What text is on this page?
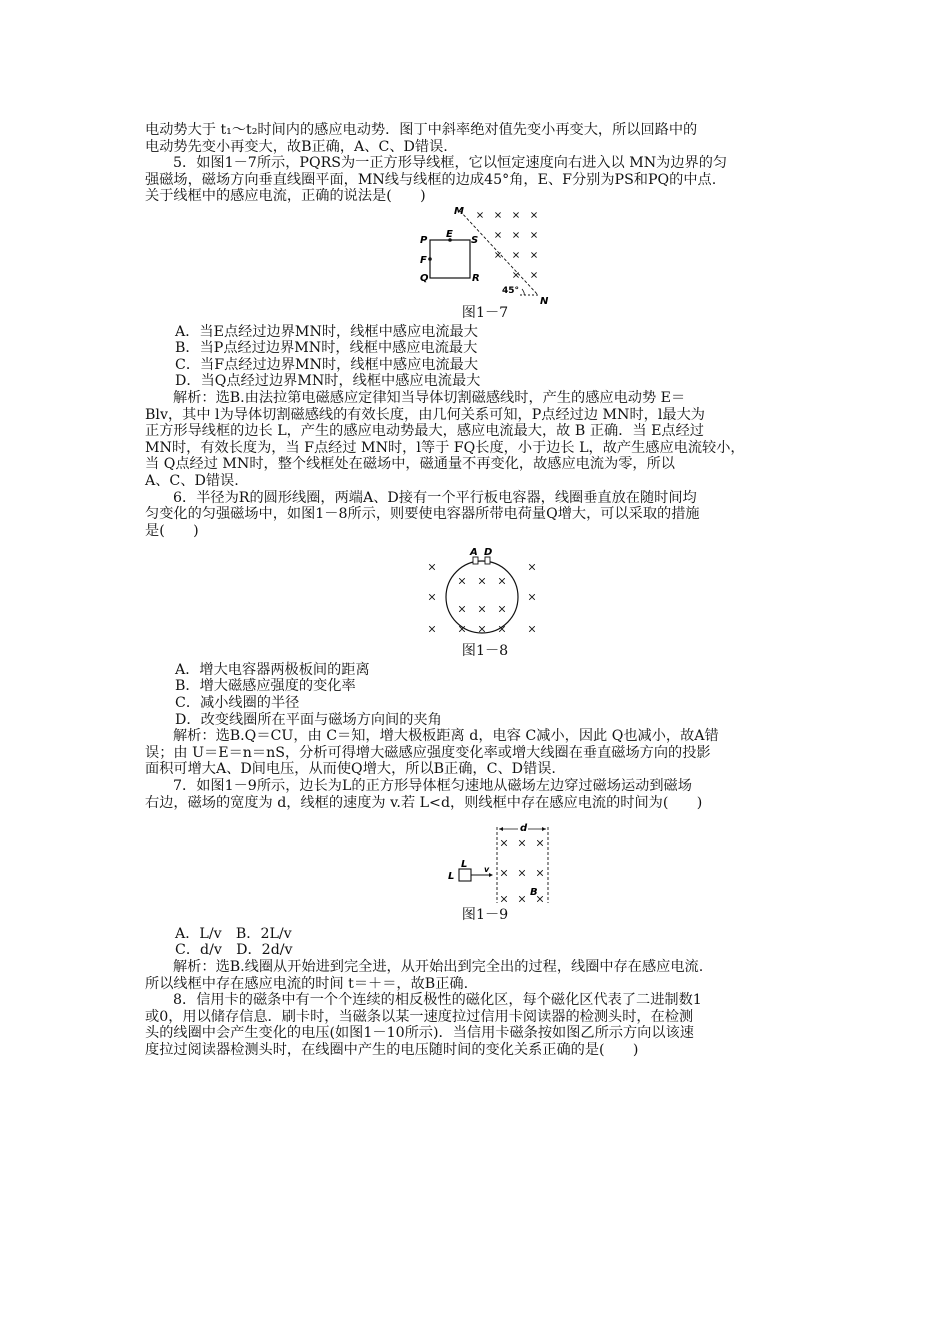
电动势大于 t₁～t₂时间内的感应电动势．图丁中斜率绝对值先变小再变大，所以回路中的

电动势先变小再变大，故B正确，A、C、D错误.

5．如图1－7所示，PQRS为一正方形导线框，它以恒定速度向右进入以 MN为边界的匀

强磁场，磁场方向垂直线圈平面，MN线与线框的边成45°角，E、F分别为PS和PQ的中点.

关于线框中的感应电流，正确的说法是(　　)

M
N
P
E
S
F
Q	R
45°

图1－7

A．当E点经过边界MN时，线框中感应电流最大

B．当P点经过边界MN时，线框中感应电流最大

C．当F点经过边界MN时，线框中感应电流最大

D．当Q点经过边界MN时，线框中感应电流最大

解析：选B.由法拉第电磁感应定律知当导体切割磁感线时，产生的感应电动势 E＝

Blv，其中 l为导体切割磁感线的有效长度，由几何关系可知，P点经过边 MN时，l最大为

正方形导线框的边长 L，产生的感应电动势最大，感应电流最大，故 B 正确．当 E点经过

MN时，有效长度为，当 F点经过 MN时，l等于 FQ长度，小于边长 L，故产生感应电流较小，

当 Q点经过 MN时，整个线框处在磁场中，磁通量不再变化，故感应电流为零，所以

A、C、D错误.

6．半径为R的圆形线圈，两端A、D接有一个平行板电容器，线圈垂直放在随时间均

匀变化的匀强磁场中，如图1－8所示，则要使电容器所带电荷量Q增大，可以采取的措施

是(　　)

A D

图1－8

A．增大电容器两极板间的距离

B．增大磁感应强度的变化率

C．减小线圈的半径

D．改变线圈所在平面与磁场方向间的夹角

解析：选B.Q＝CU，由 C＝知，增大极板距离 d，电容 C减小，因此 Q也减小，故A错

误；由 U＝E＝n＝nS，分析可得增大磁感应强度变化率或增大线圈在垂直磁场方向的投影

面积可增大A、D间电压，从而使Q增大，所以B正确，C、D错误.

7．如图1－9所示，边长为L的正方形导体框匀速地从磁场左边穿过磁场运动到磁场

右边，磁场的宽度为 d，线框的速度为 v.若 L<d，则线框中存在感应电流的时间为(　　)

d
L
L v
B

图1－9

A．L/v　B．2L/v

C．d/v　D．2d/v

解析：选B.线圈从开始进到完全进，从开始出到完全出的过程，线圈中存在感应电流.

所以线框中存在感应电流的时间 t＝＋＝，故B正确.

8．信用卡的磁条中有一个个连续的相反极性的磁化区，每个磁化区代表了二进制数1

或0，用以储存信息．刷卡时，当磁条以某一速度拉过信用卡阅读器的检测头时，在检测

头的线圈中会产生变化的电压(如图1－10所示)．当信用卡磁条按如图乙所示方向以该速

度拉过阅读器检测头时，在线圈中产生的电压随时间的变化关系正确的是(　　)
